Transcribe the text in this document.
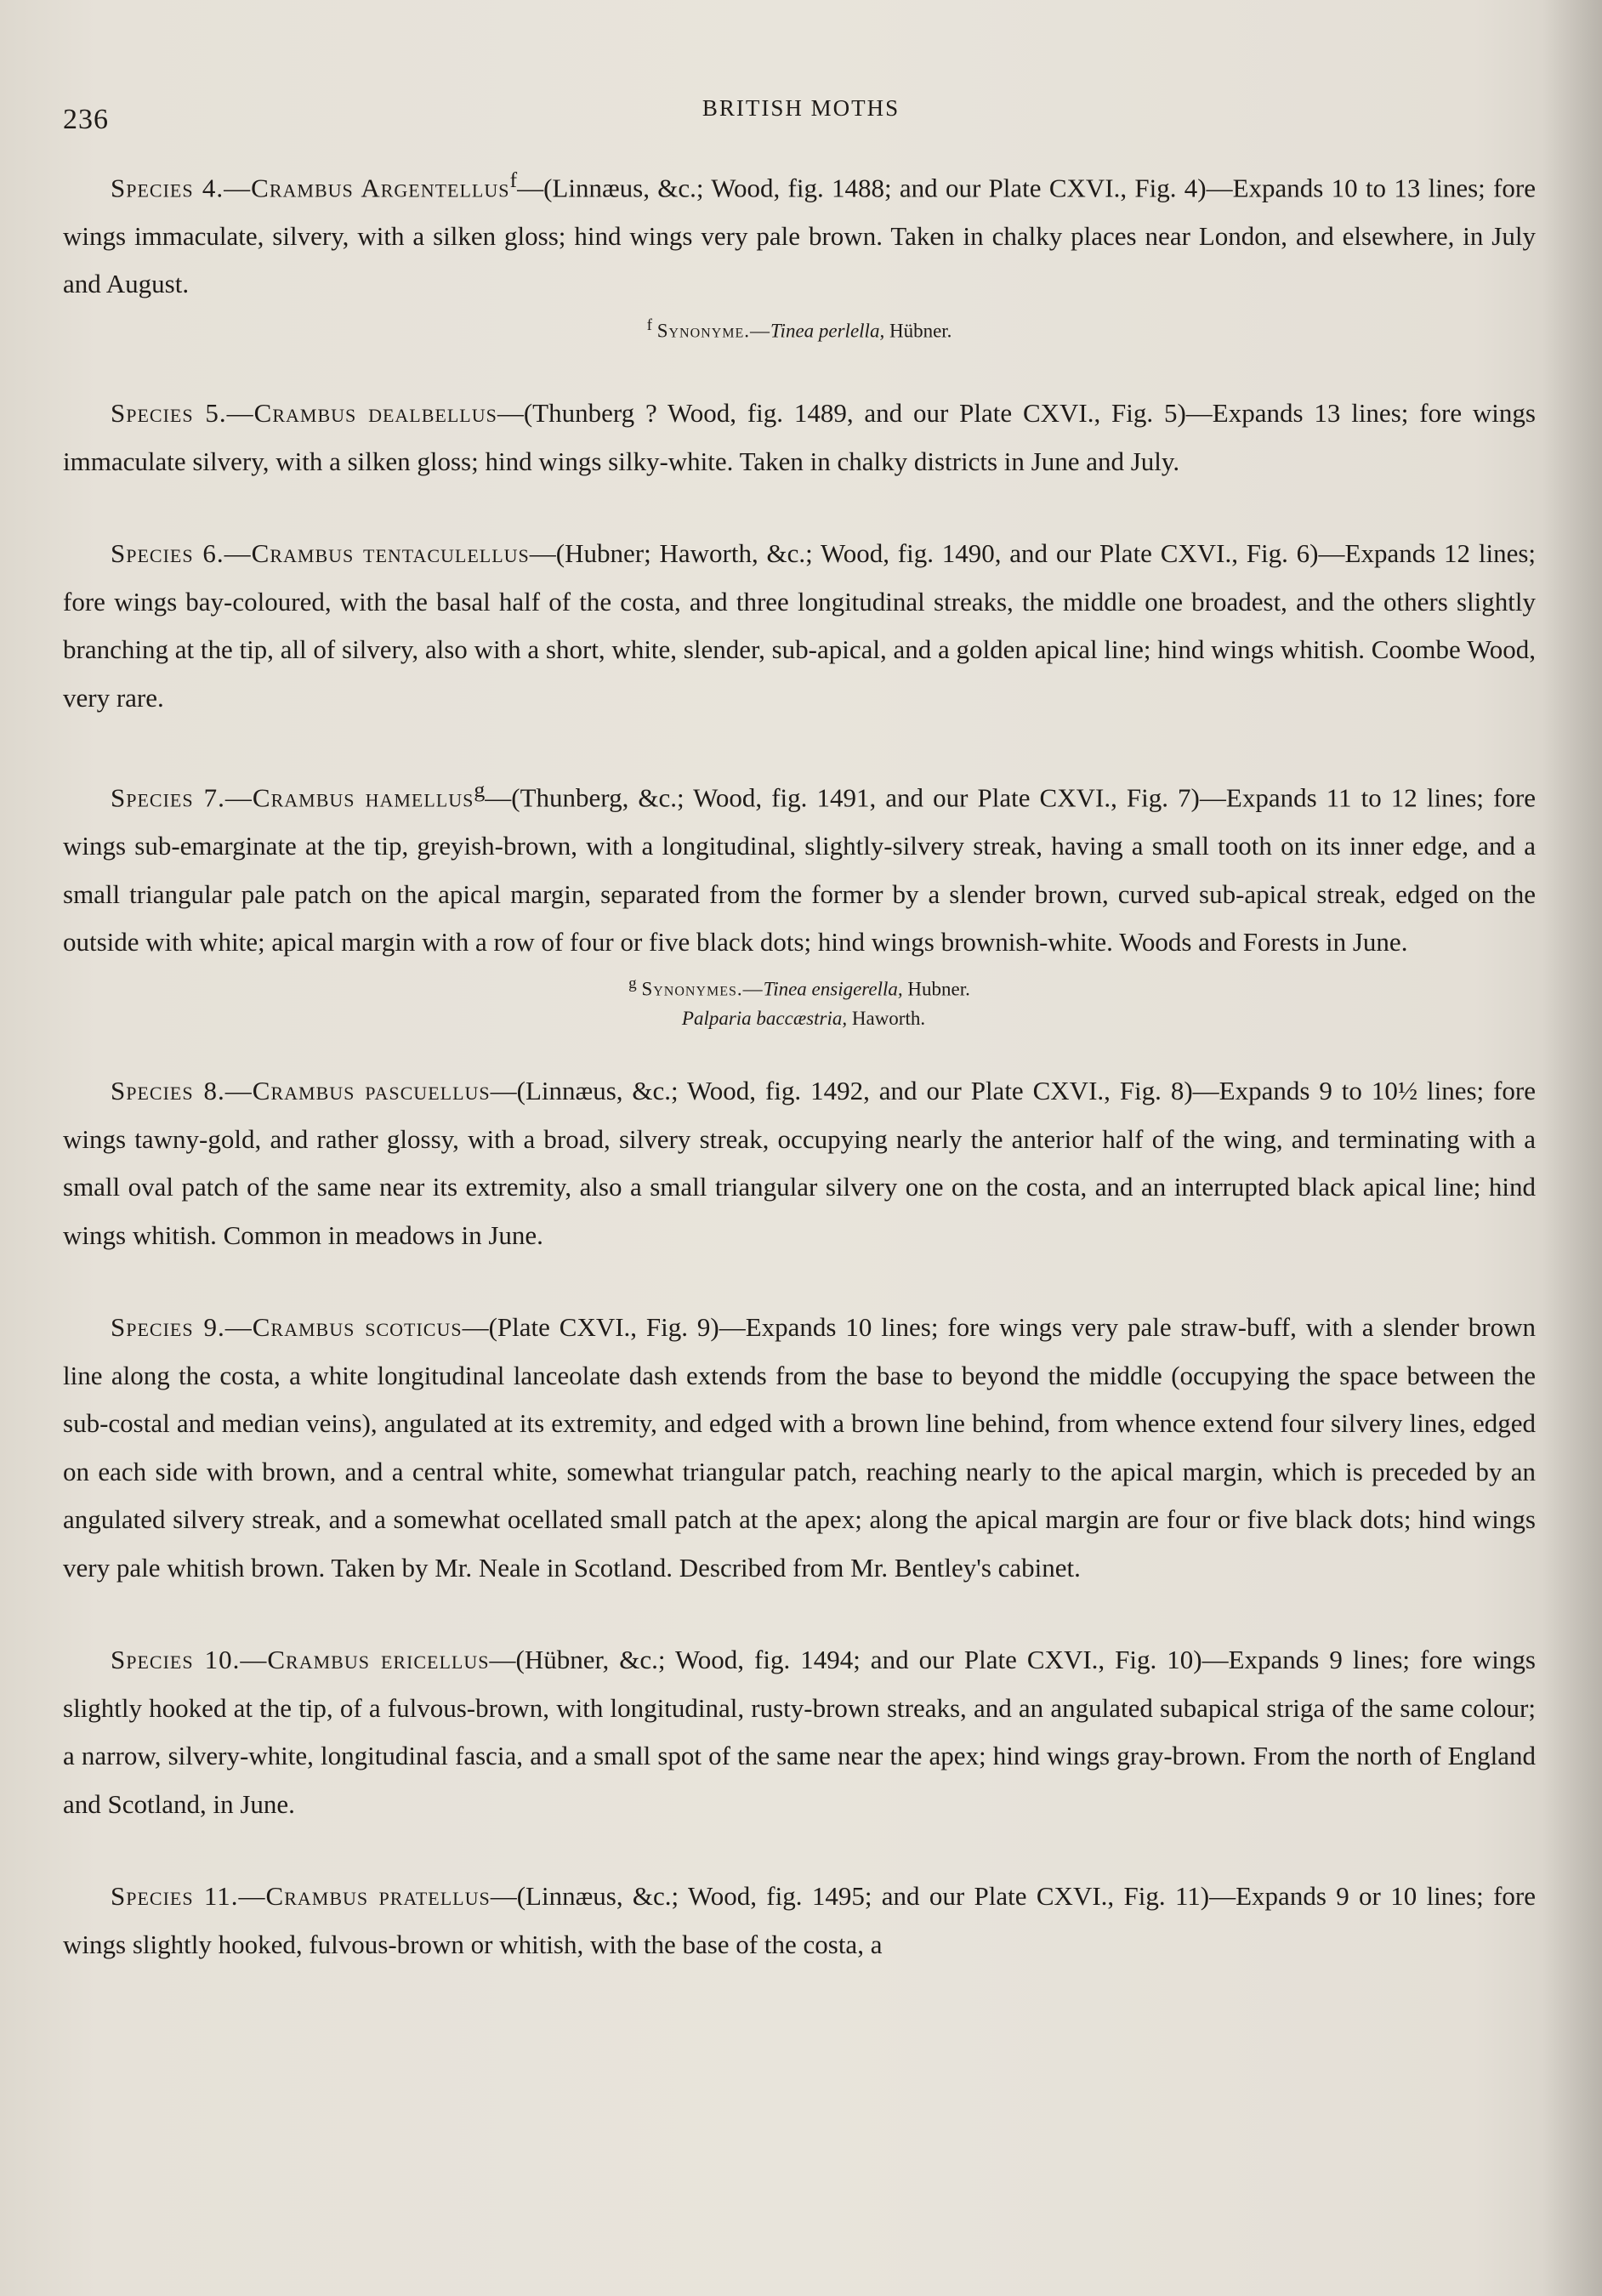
236	BRITISH MOTHS

Species 4.—Crambus Argentellus$^f$—(Linnæus, &c.; Wood, fig. 1488; and our Plate CXVI., Fig. 4)—Expands 10 to 13 lines; fore wings immaculate, silvery, with a silken gloss; hind wings very pale brown. Taken in chalky places near London, and elsewhere, in July and August.

$^f$ Synonyme.—Tinea perlella, Hübner.

Species 5.—Crambus dealbellus—(Thunberg ? Wood, fig. 1489, and our Plate CXVI., Fig. 5)—Expands 13 lines; fore wings immaculate silvery, with a silken gloss; hind wings silky-white. Taken in chalky districts in June and July.

Species 6.—Crambus tentaculellus—(Hubner; Haworth, &c.; Wood, fig. 1490, and our Plate CXVI., Fig. 6)—Expands 12 lines; fore wings bay-coloured, with the basal half of the costa, and three longitudinal streaks, the middle one broadest, and the others slightly branching at the tip, all of silvery, also with a short, white, slender, sub-apical, and a golden apical line; hind wings whitish. Coombe Wood, very rare.

Species 7.—Crambus hamellus$^g$—(Thunberg, &c.; Wood, fig. 1491, and our Plate CXVI., Fig. 7)—Expands 11 to 12 lines; fore wings sub-emarginate at the tip, greyish-brown, with a longitudinal, slightly-silvery streak, having a small tooth on its inner edge, and a small triangular pale patch on the apical margin, separated from the former by a slender brown, curved sub-apical streak, edged on the outside with white; apical margin with a row of four or five black dots; hind wings brownish-white. Woods and Forests in June.

$^g$ Synonymes.—Tinea ensigerella, Hubner.
Palparia baccæstria, Haworth.

Species 8.—Crambus pascuellus—(Linnæus, &c.; Wood, fig. 1492, and our Plate CXVI., Fig. 8)—Expands 9 to 10½ lines; fore wings tawny-gold, and rather glossy, with a broad, silvery streak, occupying nearly the anterior half of the wing, and terminating with a small oval patch of the same near its extremity, also a small triangular silvery one on the costa, and an interrupted black apical line; hind wings whitish. Common in meadows in June.

Species 9.—Crambus scoticus—(Plate CXVI., Fig. 9)—Expands 10 lines; fore wings very pale straw-buff, with a slender brown line along the costa, a white longitudinal lanceolate dash extends from the base to beyond the middle (occupying the space between the sub-costal and median veins), angulated at its extremity, and edged with a brown line behind, from whence extend four silvery lines, edged on each side with brown, and a central white, somewhat triangular patch, reaching nearly to the apical margin, which is preceded by an angulated silvery streak, and a somewhat ocellated small patch at the apex; along the apical margin are four or five black dots; hind wings very pale whitish brown. Taken by Mr. Neale in Scotland. Described from Mr. Bentley's cabinet.

Species 10.—Crambus ericellus—(Hübner, &c.; Wood, fig. 1494; and our Plate CXVI., Fig. 10)—Expands 9 lines; fore wings slightly hooked at the tip, of a fulvous-brown, with longitudinal, rusty-brown streaks, and an angulated subapical striga of the same colour; a narrow, silvery-white, longitudinal fascia, and a small spot of the same near the apex; hind wings gray-brown. From the north of England and Scotland, in June.

Species 11.—Crambus pratellus—(Linnæus, &c.; Wood, fig. 1495; and our Plate CXVI., Fig. 11)—Expands 9 or 10 lines; fore wings slightly hooked, fulvous-brown or whitish, with the base of the costa, a
